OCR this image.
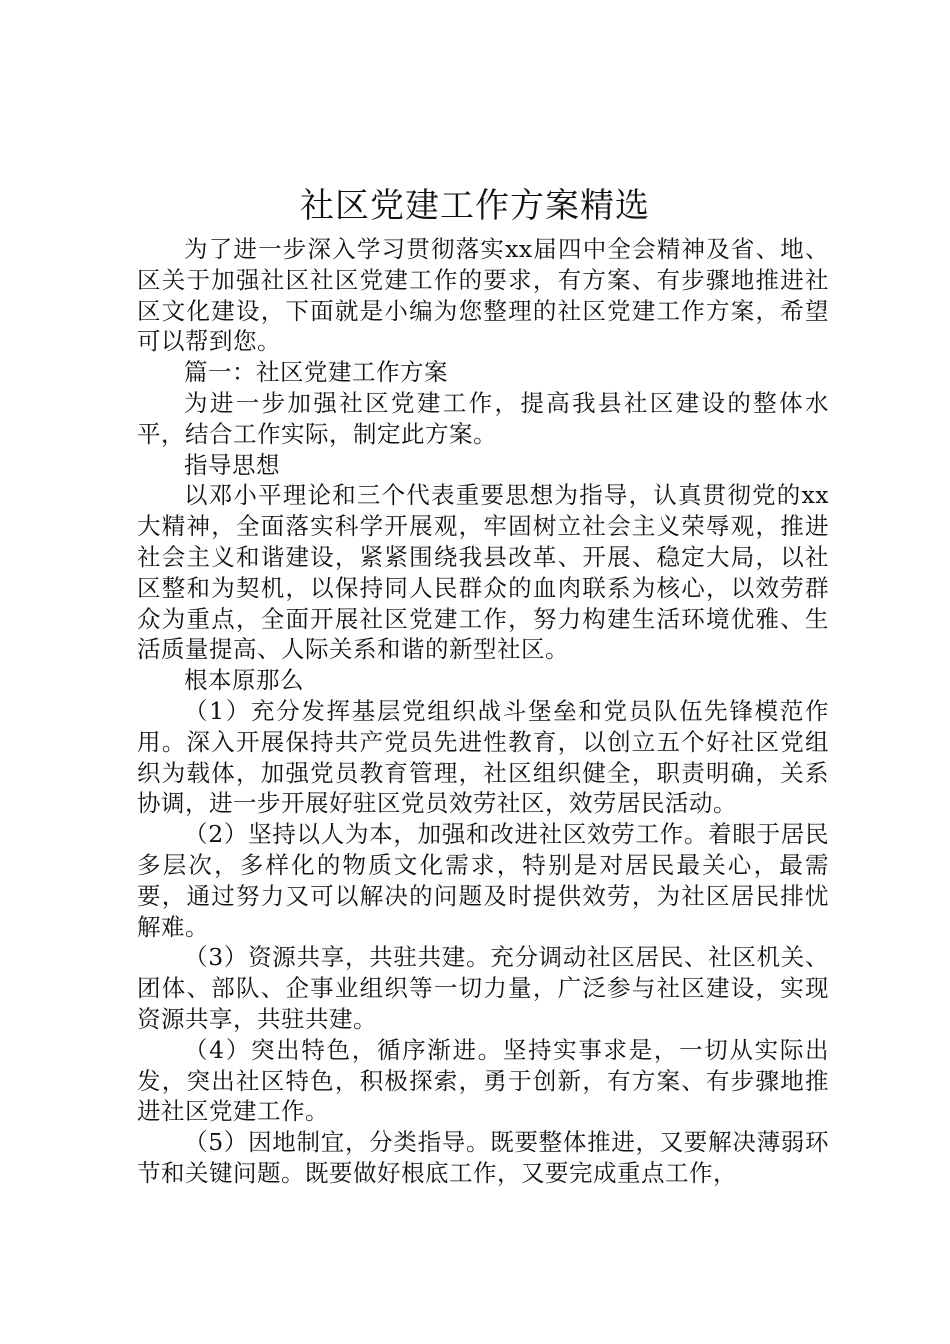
社区党建工作方案精选

为了进一步深入学习贯彻落实xx届四中全会精神及省、地、区关于加强社区社区党建工作的要求，有方案、有步骤地推进社区文化建设，下面就是小编为您整理的社区党建工作方案，希望可以帮到您。

篇一：社区党建工作方案

为进一步加强社区党建工作，提高我县社区建设的整体水平，结合工作实际，制定此方案。

指导思想

以邓小平理论和三个代表重要思想为指导，认真贯彻党的xx大精神，全面落实科学开展观，牢固树立社会主义荣辱观，推进社会主义和谐建设，紧紧围绕我县改革、开展、稳定大局，以社区整和为契机，以保持同人民群众的血肉联系为核心，以效劳群众为重点，全面开展社区党建工作，努力构建生活环境优雅、生活质量提高、人际关系和谐的新型社区。

根本原那么

（1）充分发挥基层党组织战斗堡垒和党员队伍先锋模范作用。深入开展保持共产党员先进性教育，以创立五个好社区党组织为载体，加强党员教育管理，社区组织健全，职责明确，关系协调，进一步开展好驻区党员效劳社区，效劳居民活动。

（2）坚持以人为本，加强和改进社区效劳工作。着眼于居民多层次，多样化的物质文化需求，特别是对居民最关心，最需要，通过努力又可以解决的问题及时提供效劳，为社区居民排忧解难。

（3）资源共享，共驻共建。充分调动社区居民、社区机关、团体、部队、企事业组织等一切力量，广泛参与社区建设，实现资源共享，共驻共建。

（4）突出特色，循序渐进。坚持实事求是，一切从实际出发，突出社区特色，积极探索，勇于创新，有方案、有步骤地推进社区党建工作。

（5）因地制宜，分类指导。既要整体推进，又要解决薄弱环节和关键问题。既要做好根底工作，又要完成重点工作，
